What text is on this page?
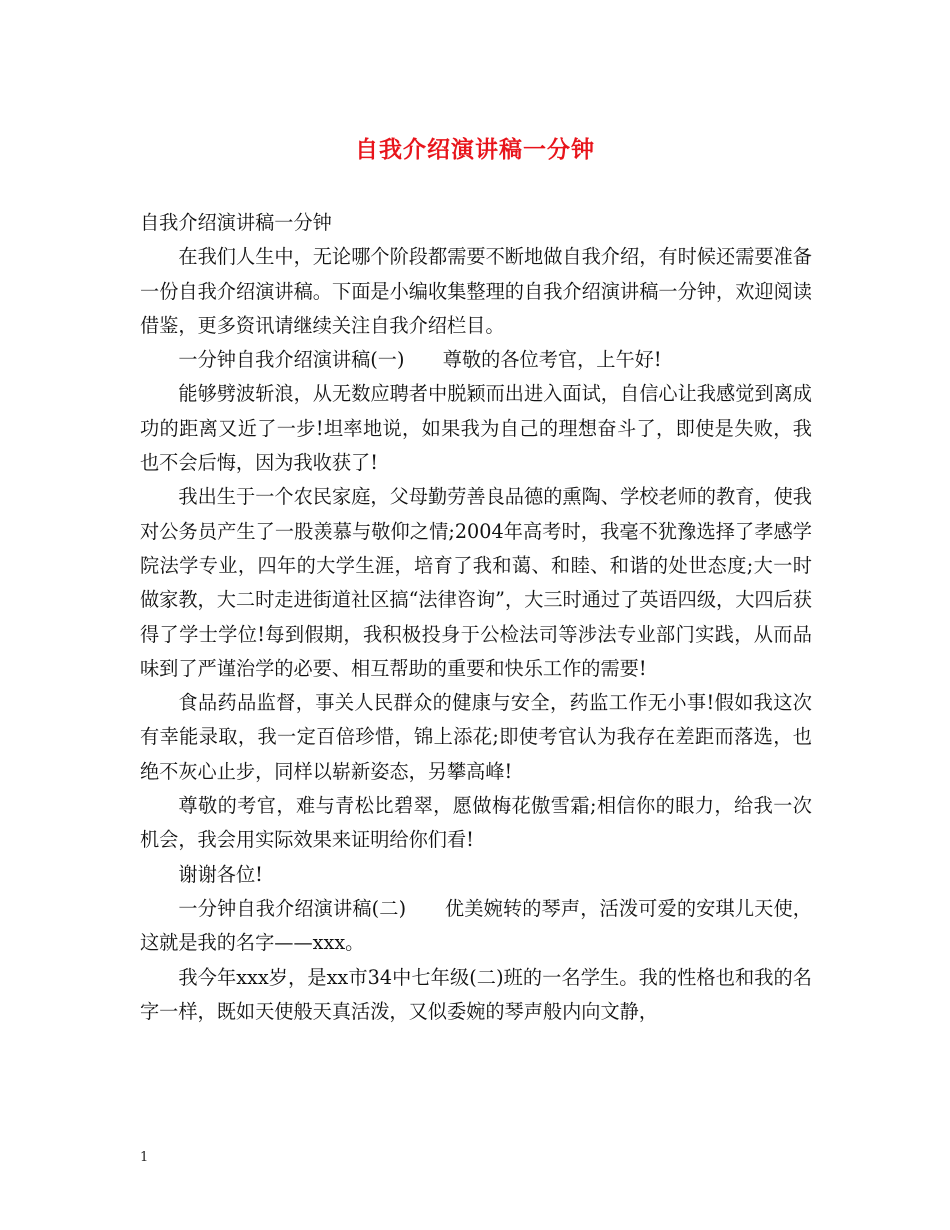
自我介绍演讲稿一分钟

自我介绍演讲稿一分钟

在我们人生中，无论哪个阶段都需要不断地做自我介绍，有时候还需要准备一份自我介绍演讲稿。下面是小编收集整理的自我介绍演讲稿一分钟，欢迎阅读借鉴，更多资讯请继续关注自我介绍栏目。

一分钟自我介绍演讲稿(一)　　尊敬的各位考官，上午好!

能够劈波斩浪，从无数应聘者中脱颖而出进入面试，自信心让我感觉到离成功的距离又近了一步!坦率地说，如果我为自己的理想奋斗了，即使是失败，我也不会后悔，因为我收获了!

我出生于一个农民家庭，父母勤劳善良品德的熏陶、学校老师的教育，使我对公务员产生了一股羡慕与敬仰之情;2004年高考时，我毫不犹豫选择了孝感学院法学专业，四年的大学生涯，培育了我和蔼、和睦、和谐的处世态度;大一时做家教，大二时走进街道社区搞“法律咨询”，大三时通过了英语四级，大四后获得了学士学位!每到假期，我积极投身于公检法司等涉法专业部门实践，从而品味到了严谨治学的必要、相互帮助的重要和快乐工作的需要!

食品药品监督，事关人民群众的健康与安全，药监工作无小事!假如我这次有幸能录取，我一定百倍珍惜，锦上添花;即使考官认为我存在差距而落选，也绝不灰心止步，同样以崭新姿态，另攀高峰!

尊敬的考官，难与青松比碧翠，愿做梅花傲雪霜;相信你的眼力，给我一次机会，我会用实际效果来证明给你们看!

谢谢各位!

一分钟自我介绍演讲稿(二)　　优美婉转的琴声，活泼可爱的安琪儿天使，这就是我的名字——xxx。

我今年xxx岁，是xx市34中七年级(二)班的一名学生。我的性格也和我的名字一样，既如天使般天真活泼，又似委婉的琴声般内向文静，

1
